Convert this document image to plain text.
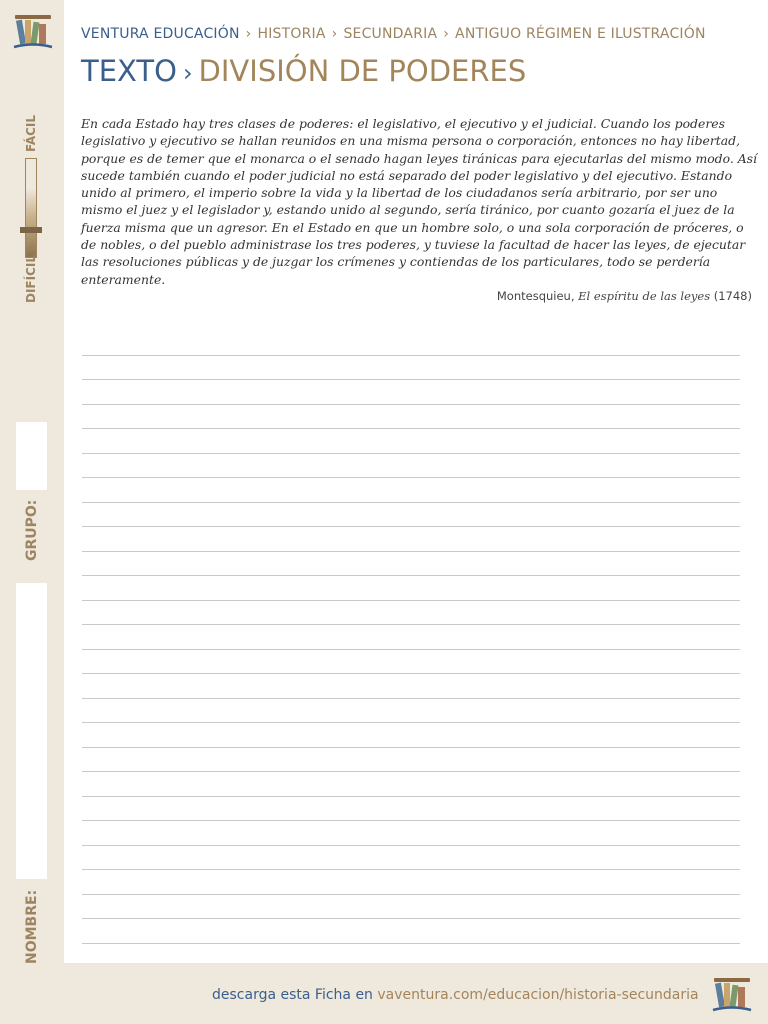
FÁCIL
DIFÍCIL
GRUPO:
NOMBRE:
VENTURA EDUCACIÓN › HISTORIA › SECUNDARIA › ANTIGUO RÉGIMEN E ILUSTRACIÓN
TEXTO › DIVISIÓN DE PODERES
En cada Estado hay tres clases de poderes: el legislativo, el ejecutivo y el judicial. Cuando los poderes legislativo y ejecutivo se hallan reunidos en una misma persona o corporación, entonces no hay libertad, porque es de temer que el monarca o el senado hagan leyes tiránicas para ejecutarlas del mismo modo. Así sucede también cuando el poder judicial no está separado del poder legislativo y del ejecutivo. Estando unido al primero, el imperio sobre la vida y la libertad de los ciudadanos sería arbitrario, por ser uno mismo el juez y el legislador y, estando unido al segundo, sería tiránico, por cuanto gozaría el juez de la fuerza misma que un agresor. En el Estado en que un hombre solo, o una sola corporación de próceres, o de nobles, o del pueblo administrase los tres poderes, y tuviese la facultad de hacer las leyes, de ejecutar las resoluciones públicas y de juzgar los crímenes y contiendas de los particulares, todo se perdería enteramente.
Montesquieu, El espíritu de las leyes (1748)
descarga esta Ficha en vaventura.com/educacion/historia-secundaria
